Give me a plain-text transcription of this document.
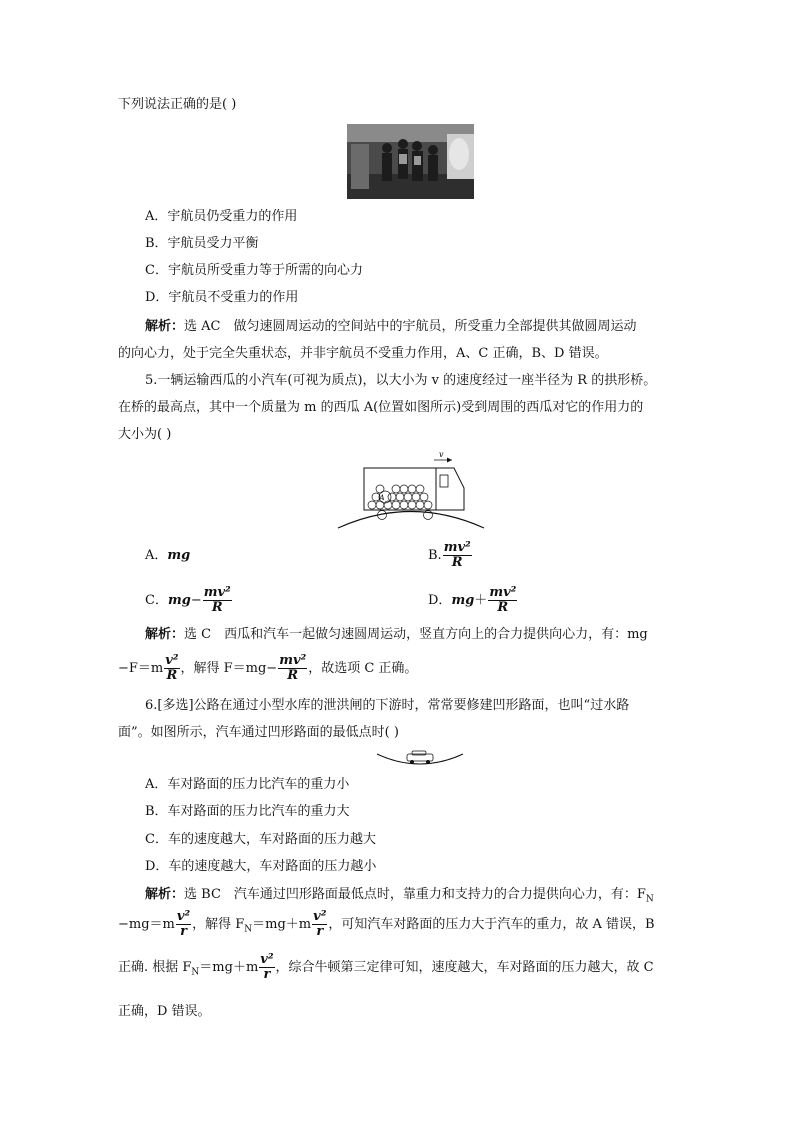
下列说法正确的是( )
A．宇航员仍受重力的作用
B．宇航员受力平衡
C．宇航员所受重力等于所需的向心力
D．宇航员不受重力的作用
解析：选 AC　做匀速圆周运动的空间站中的宇航员，所受重力全部提供其做圆周运动
的向心力，处于完全失重状态，并非宇航员不受重力作用，A、C 正确，B、D 错误。
5.一辆运输西瓜的小汽车(可视为质点)，以大小为 v 的速度经过一座半径为 R 的拱形桥。
在桥的最高点，其中一个质量为 m 的西瓜 A(位置如图所示)受到周围的西瓜对它的作用力的
大小为( )
A
v
A．mg	B. $\frac{\text{mv²}}{R}$
C．$mg- \frac{\text{mv²}}{R}$	D．$mg+ \frac{\text{mv²}}{R}$
解析：选 C　西瓜和汽车一起做匀速圆周运动，竖直方向上的合力提供向心力，有：mg
$-F=m \frac{\text{v²}}{R}$ ，解得 $F=mg- \frac{\text{mv²}}{R}$ ，故选项 C 正确。
6.[多选]公路在通过小型水库的泄洪闸的下游时，常常要修建凹形路面，也叫“过水路
面”。如图所示，汽车通过凹形路面的最低点时( )
A．车对路面的压力比汽车的重力小
B．车对路面的压力比汽车的重力大
C．车的速度越大，车对路面的压力越大
D．车的速度越大，车对路面的压力越小
解析：选 BC　汽车通过凹形路面最低点时，靠重力和支持力的合力提供向心力，有：$F_N$
$-mg=m \frac{\text{v²}}{r}$ ，解得 $F_N=mg+m \frac{\text{v²}}{r}$ ，可知汽车对路面的压力大于汽车的重力，故 A 错误，B
正确. 根据 $F_N=mg+m \frac{\text{v²}}{r}$ ，综合牛顿第三定律可知，速度越大，车对路面的压力越大，故 C
正确，D 错误。
